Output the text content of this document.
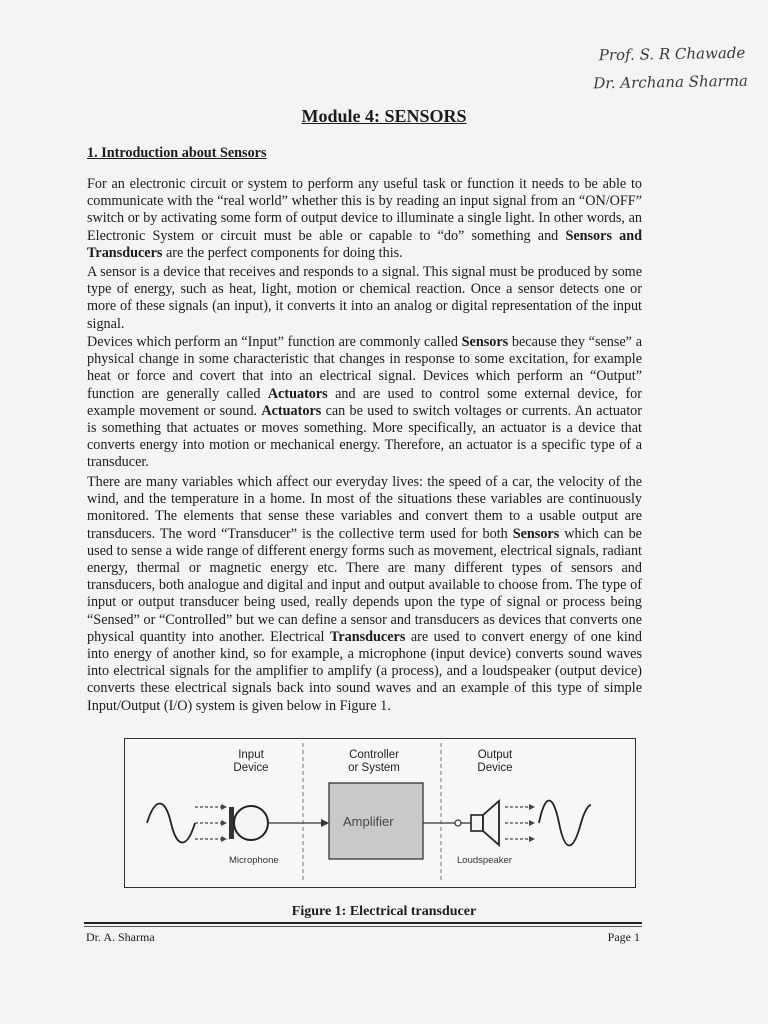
Prof. S. R Chawade
Dr. Archana Sharma
Module 4: SENSORS
1. Introduction about Sensors

For an electronic circuit or system to perform any useful task or function it needs to be able to communicate with the “real world” whether this is by reading an input signal from an “ON/OFF” switch or by activating some form of output device to illuminate a single light. In other words, an Electronic System or circuit must be able or capable to “do” something and Sensors and Transducers are the perfect components for doing this.

A sensor is a device that receives and responds to a signal. This signal must be produced by some type of energy, such as heat, light, motion or chemical reaction. Once a sensor detects one or more of these signals (an input), it converts it into an analog or digital representation of the input signal.

Devices which perform an “Input” function are commonly called Sensors because they “sense” a physical change in some characteristic that changes in response to some excitation, for example heat or force and covert that into an electrical signal. Devices which perform an “Output” function are generally called Actuators and are used to control some external device, for example movement or sound. Actuators can be used to switch voltages or currents. An actuator is something that actuates or moves something. More specifically, an actuator is a device that converts energy into motion or mechanical energy. Therefore, an actuator is a specific type of a transducer.

There are many variables which affect our everyday lives: the speed of a car, the velocity of the wind, and the temperature in a home. In most of the situations these variables are continuously monitored. The elements that sense these variables and convert them to a usable output are transducers. The word “Transducer” is the collective term used for both Sensors which can be used to sense a wide range of different energy forms such as movement, electrical signals, radiant energy, thermal or magnetic energy etc. There are many different types of sensors and transducers, both analogue and digital and input and output available to choose from. The type of input or output transducer being used, really depends upon the type of signal or process being “Sensed” or “Controlled” but we can define a sensor and transducers as devices that converts one physical quantity into another. Electrical Transducers are used to convert energy of one kind into energy of another kind, so for example, a microphone (input device) converts sound waves into electrical signals for the amplifier to amplify (a process), and a loudspeaker (output device) converts these electrical signals back into sound waves and an example of this type of simple Input/Output (I/O) system is given below in Figure 1.

Input
Device
Controller
or System
Output
Device
Amplifier
Microphone	Loudspeaker
Figure 1: Electrical transducer
Dr. A. Sharma	Page 1
